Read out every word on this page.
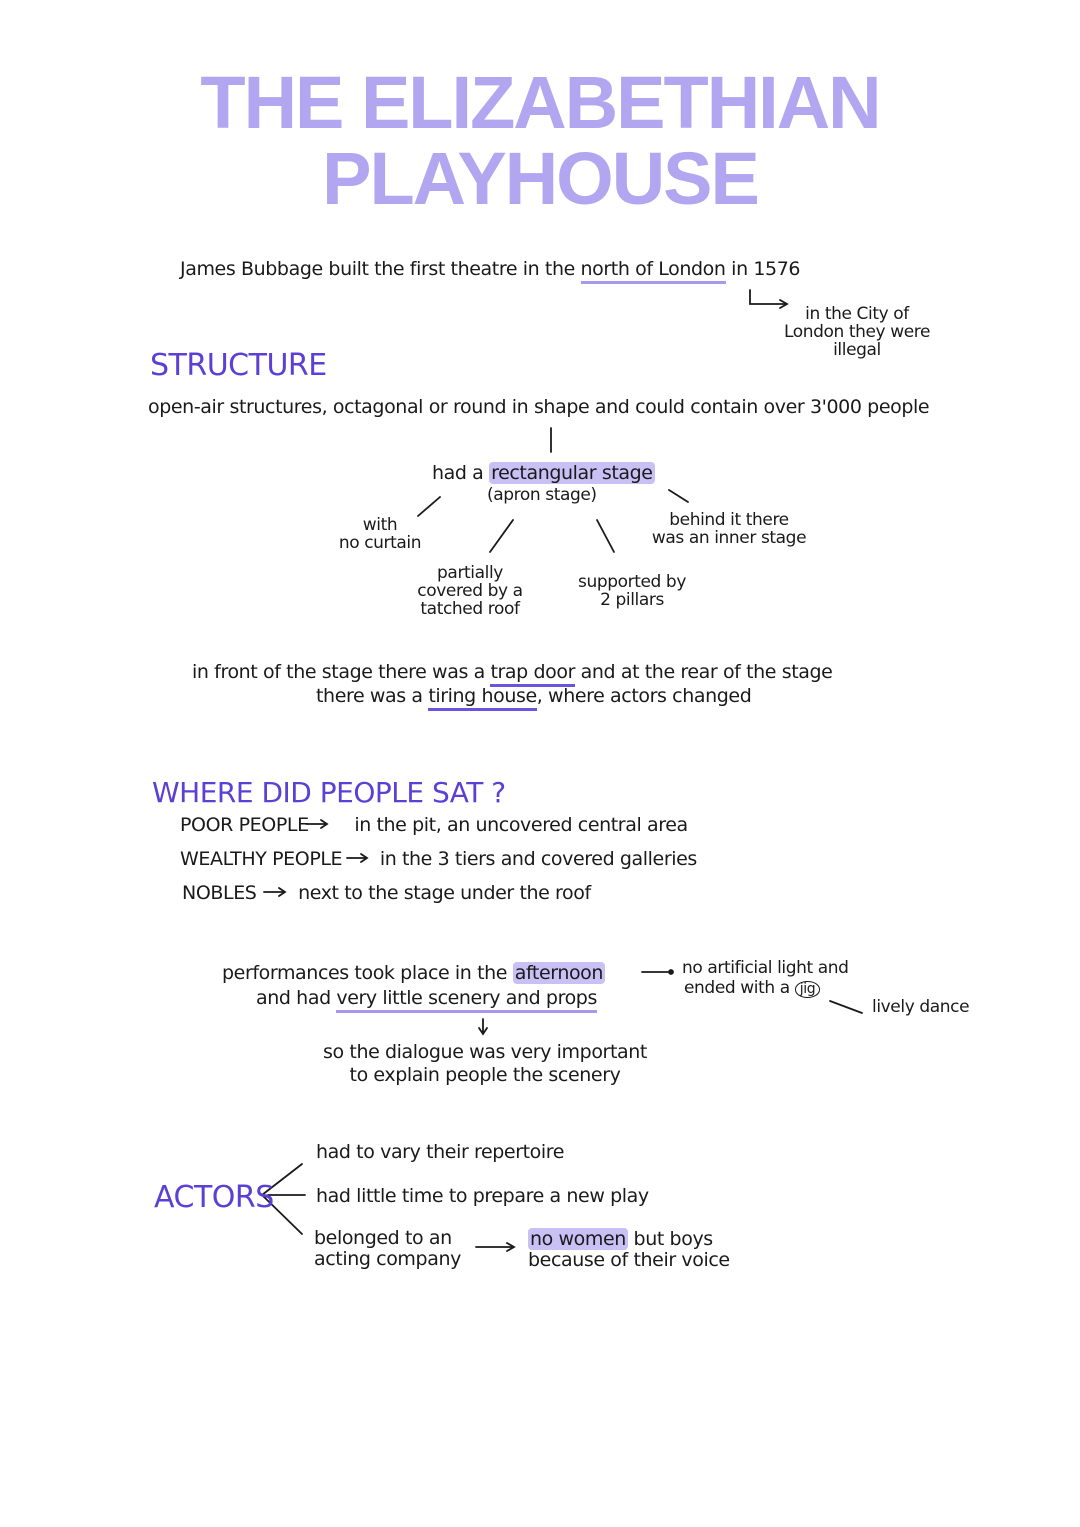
THE ELIZABETHIAN
PLAYHOUSE
James Bubbage built the first theatre in the north of London in 1576
in the City of
London they were
illegal
STRUCTURE
open-air structures, octagonal or round in shape and could contain over 3'000 people
had a rectangular stage
(apron stage)
with
no curtain
behind it there
was an inner stage
partially
covered by a
tatched roof
supported by
2 pillars
in front of the stage there was a trap door and at the rear of the stage
there was a tiring house, where actors changed
WHERE DID PEOPLE SAT ?
POOR PEOPLE in the pit, an uncovered central area
WEALTHY PEOPLE in the 3 tiers and covered galleries
NOBLES next to the stage under the roof
performances took place in the afternoon
and had very little scenery and props
no artificial light and
ended with a jig
lively dance
so the dialogue was very important
to explain people the scenery
ACTORS
had to vary their repertoire
had little time to prepare a new play
belonged to an
acting company
no women but boys
because of their voice
